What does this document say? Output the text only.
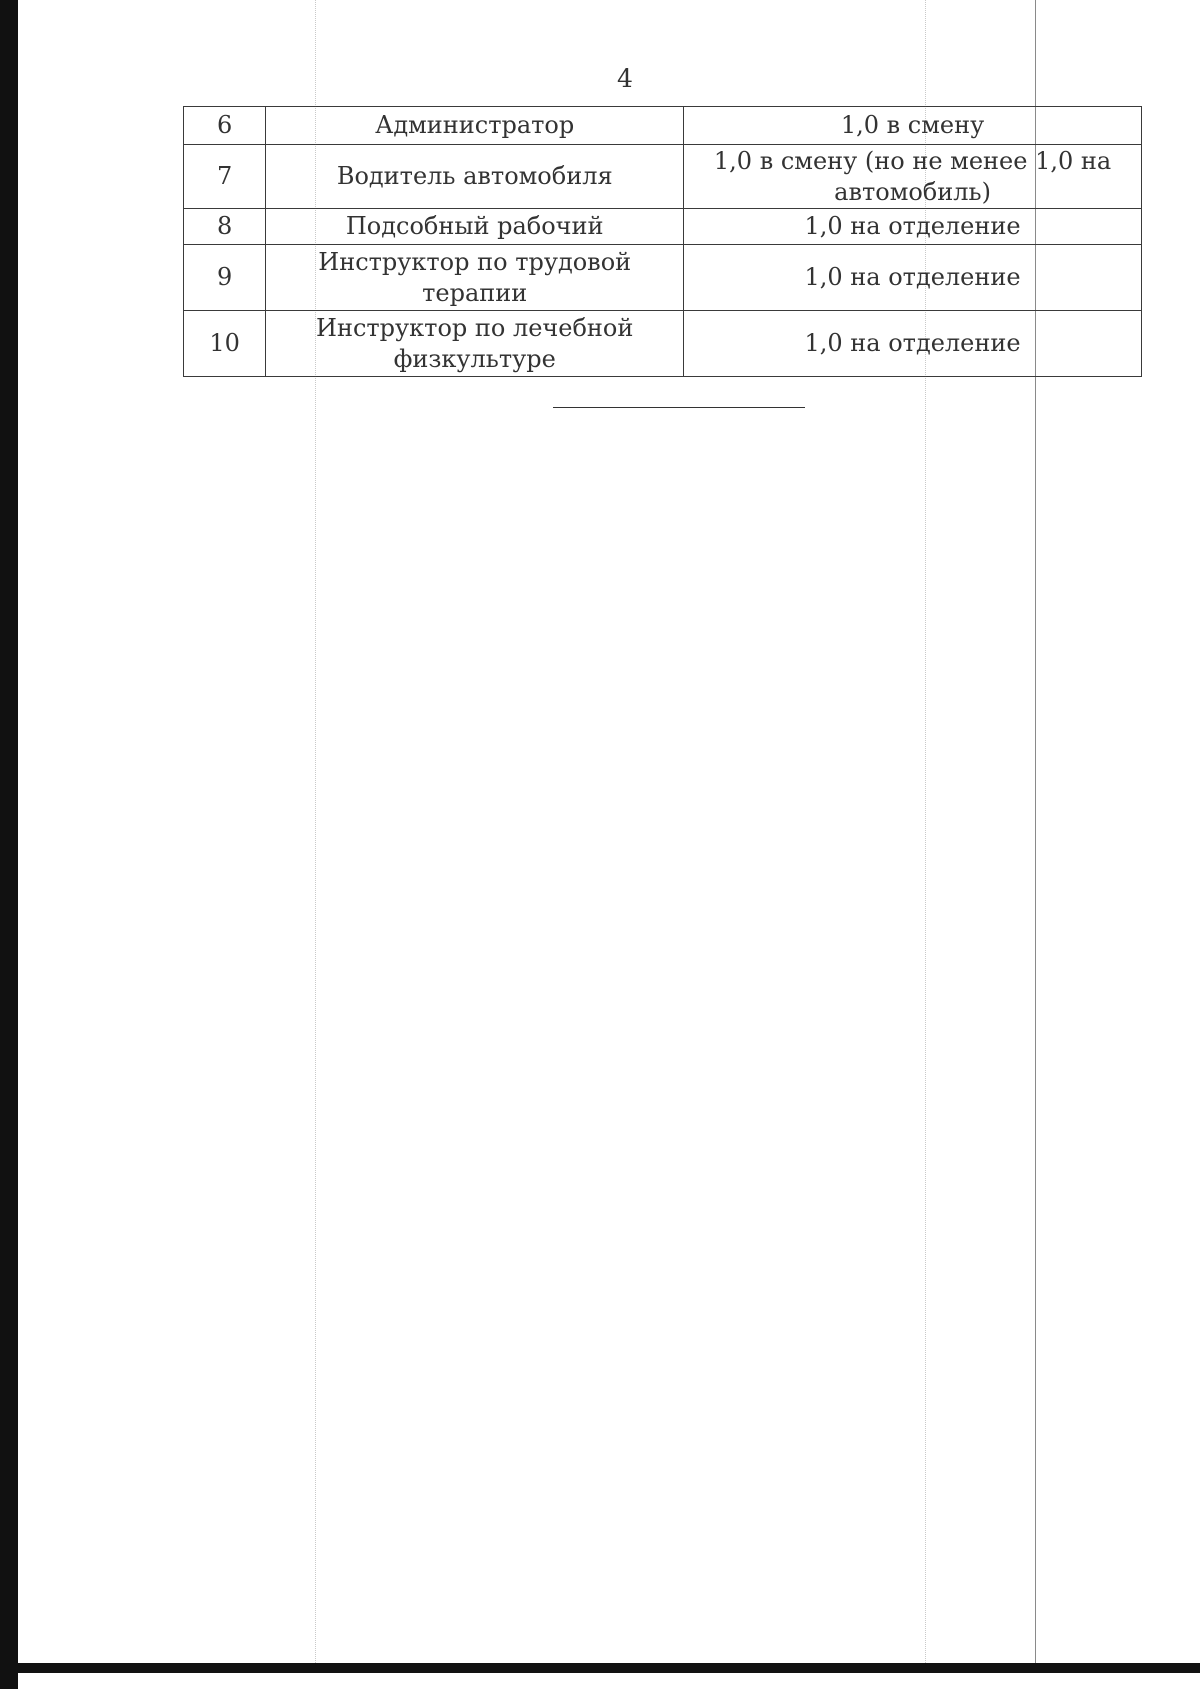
4
6	Администратор	1,0 в смену
7	Водитель автомобиля	1,0 в смену (но не менее 1,0 на автомобиль)
8	Подсобный рабочий	1,0 на отделение
9	Инструктор по трудовой терапии	1,0 на отделение
10	Инструктор по лечебной физкультуре	1,0 на отделение
